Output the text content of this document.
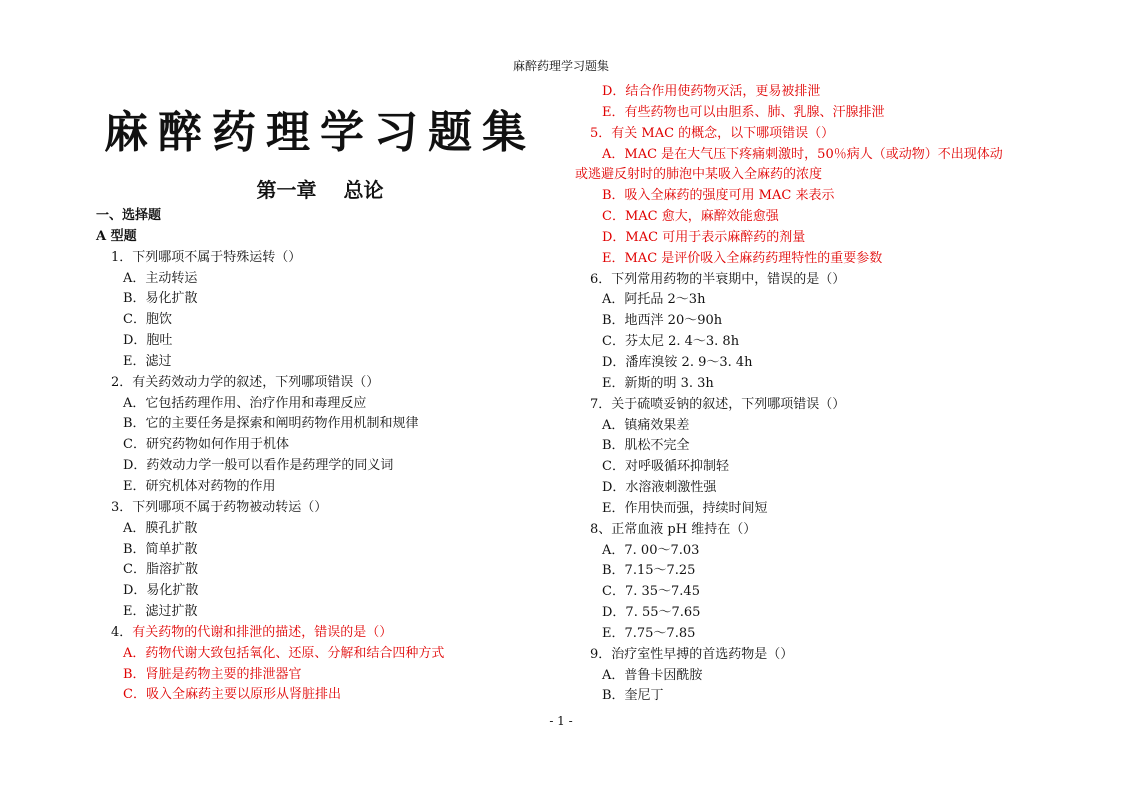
麻醉药理学习题集
麻醉药理学习题集
第一章　 总论
一、选择题
A 型题
1．下列哪项不属于特殊运转（）
A．主动转运
B．易化扩散
C．胞饮
D．胞吐
E．滤过
2．有关药效动力学的叙述，下列哪项错误（）
A．它包括药理作用、治疗作用和毒理反应
B．它的主要任务是探索和阐明药物作用机制和规律
C．研究药物如何作用于机体
D．药效动力学一般可以看作是药理学的同义词
E．研究机体对药物的作用
3．下列哪项不属于药物被动转运（）
A．膜孔扩散
B．简单扩散
C．脂溶扩散
D．易化扩散
E．滤过扩散
4．有关药物的代谢和排泄的描述，错误的是（）
A．药物代谢大致包括氧化、还原、分解和结合四种方式
B．肾脏是药物主要的排泄器官
C．吸入全麻药主要以原形从肾脏排出
D．结合作用使药物灭活，更易被排泄
E．有些药物也可以由胆系、肺、乳腺、汗腺排泄
5．有关 MAC 的概念，以下哪项错误（）
A．MAC 是在大气压下疼痛刺激时，50％病人（或动物）不出现体动
或逃避反射时的肺泡中某吸入全麻药的浓度
B．吸入全麻药的强度可用 MAC 来表示
C．MAC 愈大，麻醉效能愈强
D．MAC 可用于表示麻醉药的剂量
E．MAC 是评价吸入全麻药药理特性的重要参数
6．下列常用药物的半衰期中，错误的是（）
A．阿托品 2～3h
B．地西泮 20～90h
C．芬太尼 2. 4～3. 8h
D．潘库溴铵 2. 9～3. 4h
E．新斯的明 3. 3h
7．关于硫喷妥钠的叙述，下列哪项错误（）
A．镇痛效果差
B．肌松不完全
C．对呼吸循环抑制轻
D．水溶液刺激性强
E．作用快而强，持续时间短
8、正常血液 pH 维持在（）
A．7. 00～7.03
B．7.15～7.25
C．7. 35～7.45
D．7. 55～7.65
E．7.75～7.85
9．治疗室性早搏的首选药物是（）
A．普鲁卡因酰胺
B．奎尼丁
- 1 -
